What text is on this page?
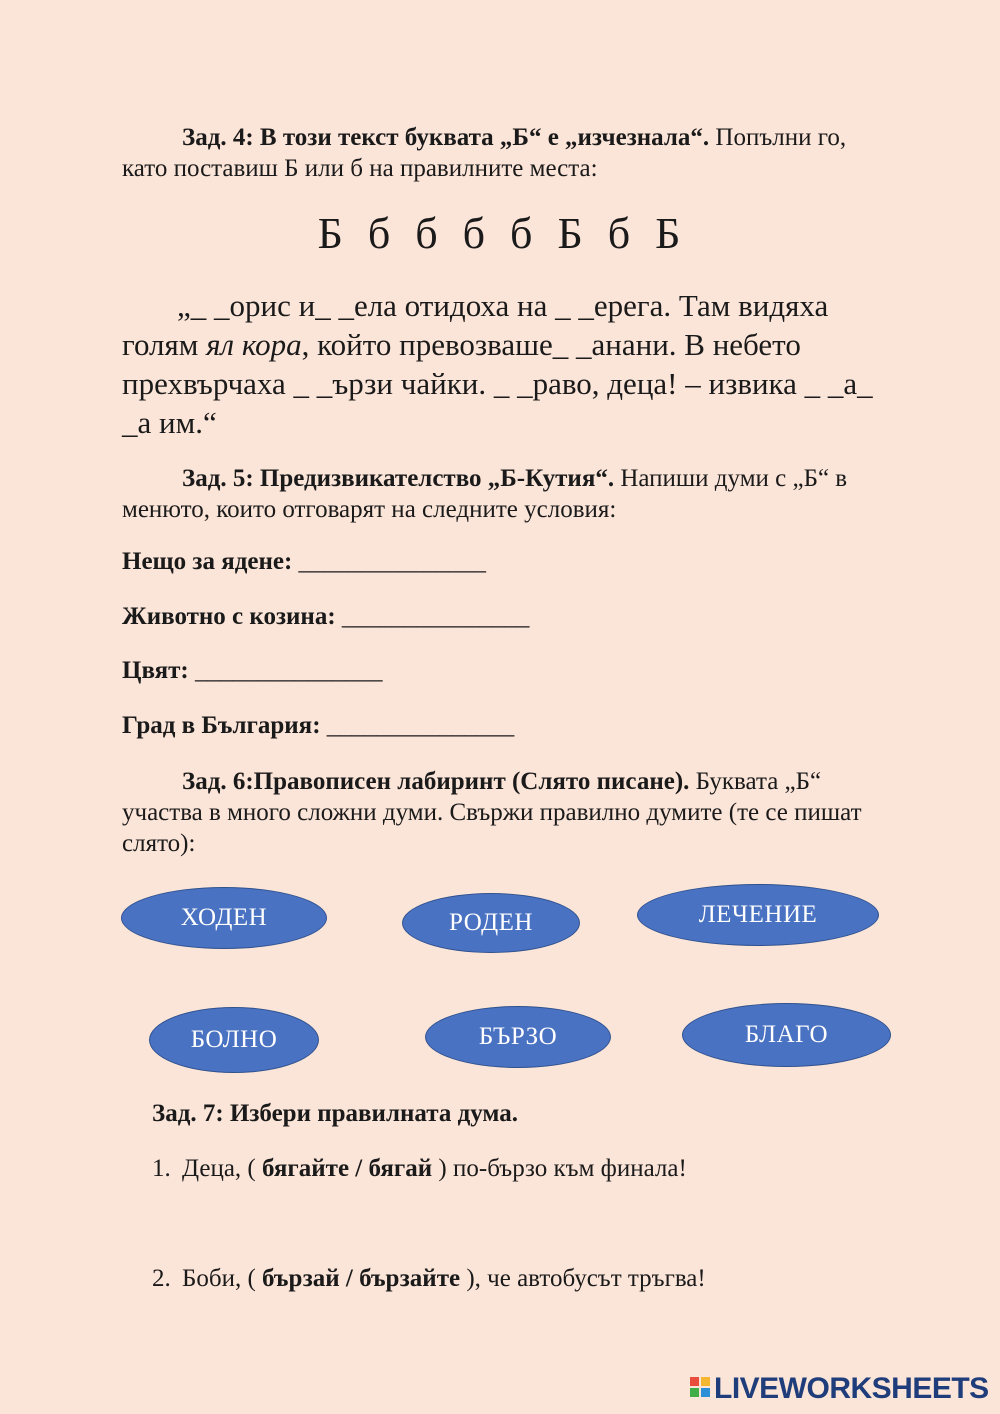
Зад. 4: В този текст буквата „Б“ е „изчезнала“. Попълни го, като поставиш Б или б на правилните места:
Б б б б б Б б Б
„_ _орис и_ _ела отидоха на _ _ерега. Там видяха голям ял кора, който превозваше_ _анани. В небето прехвърчаха _ _ързи чайки. _ _раво, деца! – извика _ _а_ _а им.“
Зад. 5: Предизвикателство „Б-Кутия“. Напиши думи с „Б“ в менюто, които отговарят на следните условия:
Нещо за ядене: _______________
Животно с козина: _______________
Цвят: _______________
Град в България: _______________
Зад. 6:Правописен лабиринт (Слято писане). Буквата „Б“ участва в много сложни думи. Свържи правилно думите (те се пишат слято):
ХОДЕН	РОДЕН	ЛЕЧЕНИЕ
БОЛНО	БЪРЗО	БЛАГО
Зад. 7: Избери правилната дума.
1. Деца, ( бягайте / бягай ) по-бързо към финала!
2. Боби, ( бързай / бързайте ), че автобусът тръгва!
LIVEWORKSHEETS
